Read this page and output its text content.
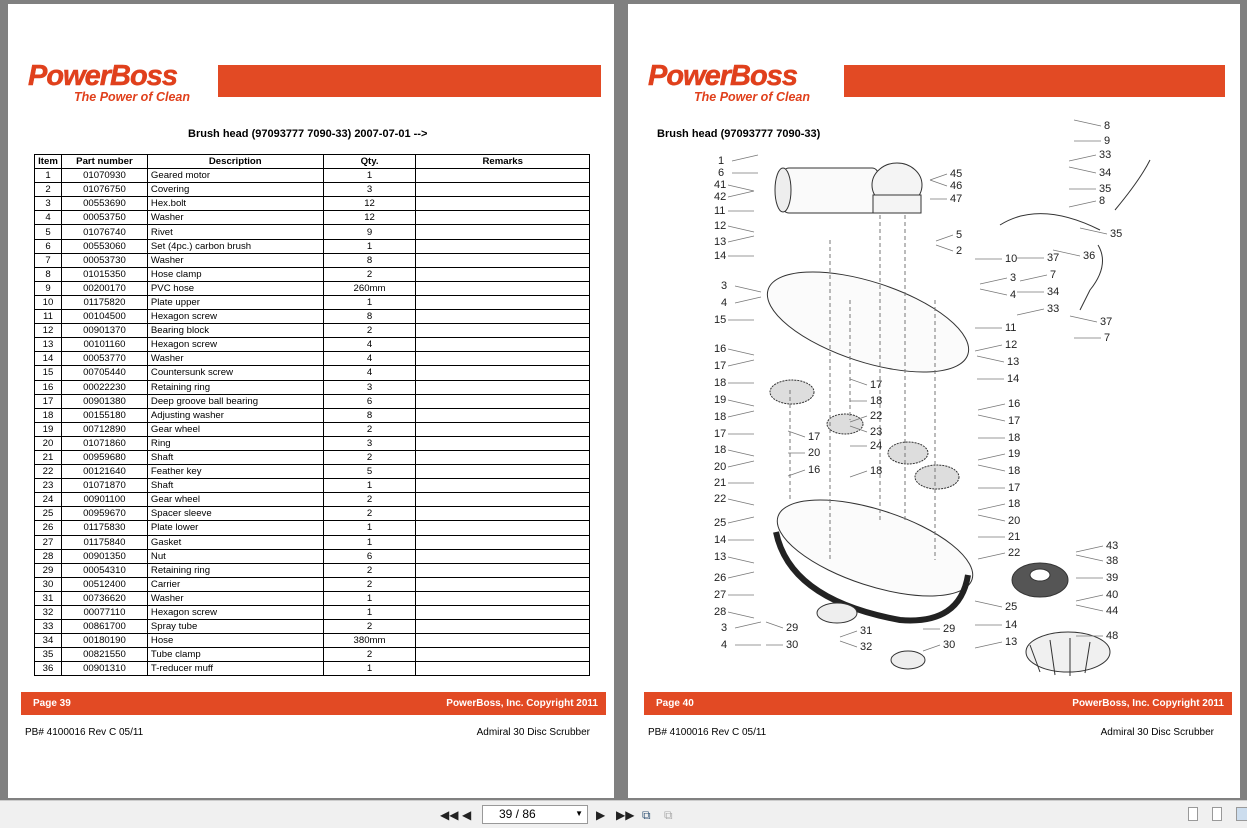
PowerBoss
The Power of Clean
Brush head (97093777 7090-33) 2007-07-01 -->
Item	Part number	Description	Qty.	Remarks
1	01070930	Geared motor	1	
2	01076750	Covering	3	
3	00553690	Hex.bolt	12	
4	00053750	Washer	12	
5	01076740	Rivet	9	
6	00553060	Set (4pc.) carbon brush	1	
7	00053730	Washer	8	
8	01015350	Hose clamp	2	
9	00200170	PVC hose	260mm	
10	01175820	Plate upper	1	
11	00104500	Hexagon screw	8	
12	00901370	Bearing block	2	
13	00101160	Hexagon screw	4	
14	00053770	Washer	4	
15	00705440	Countersunk screw	4	
16	00022230	Retaining ring	3	
17	00901380	Deep groove ball bearing	6	
18	00155180	Adjusting washer	8	
19	00712890	Gear wheel	2	
20	01071860	Ring	3	
21	00959680	Shaft	2	
22	00121640	Feather key	5	
23	01071870	Shaft	1	
24	00901100	Gear wheel	2	
25	00959670	Spacer sleeve	2	
26	01175830	Plate lower	1	
27	01175840	Gasket	1	
28	00901350	Nut	6	
29	00054310	Retaining ring	2	
30	00512400	Carrier	2	
31	00736620	Washer	1	
32	00077110	Hexagon screw	1	
33	00861700	Spray tube	2	
34	00180190	Hose	380mm	
35	00821550	Tube clamp	2	
36	00901310	T-reducer muff	1	
Page 39	PowerBoss, Inc. Copyright 2011
PB# 4100016 Rev C 05/11	Admiral 30 Disc Scrubber
PowerBoss
The Power of Clean
Brush head (97093777 7090-33)
1
6
41
42
11
12
13
14
3
4
15
16
17
18
19
18
17
18
20
21
22
25
14
13
26
27
28
3
4
45
46
47
5
2
10
3
4
11
12
13
14
16
17
18
19
18
17
18
20
21
22
25
14
13
17
18
22
23
24
18
17
20
16
29
30
31
32
29
30
8
9
33
34
35
8
35
37
7
36
34
33
37
7
43
38
39
40
44
48
Page 40	PowerBoss, Inc. Copyright 2011
PB# 4100016 Rev C 05/11	Admiral 30 Disc Scrubber
◀◀ ◀	39 / 86	▼ ▶ ▶▶ ⧉ ⧉
